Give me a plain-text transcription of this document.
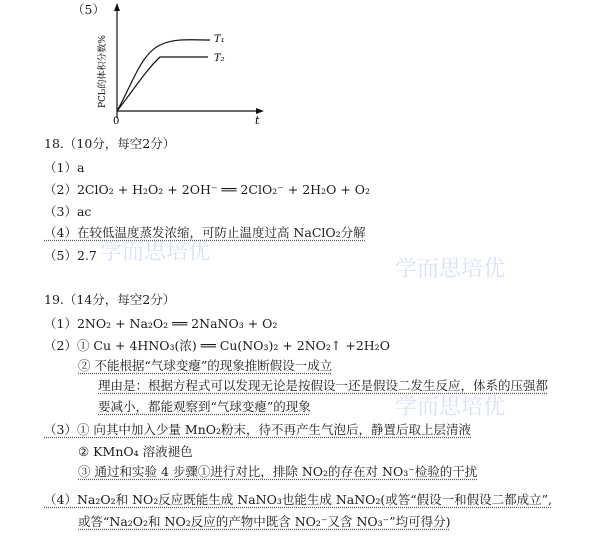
学而思培优
学而思培优
学而思培优
（5）
PCl₃的体积分数%
0	t
T₁
T₂
18.（10分，每空2分）
（1）a
（2）2ClO₂ + H₂O₂ + 2OH⁻ ══ 2ClO₂⁻ + 2H₂O + O₂
（3）ac
（4）在较低温度蒸发浓缩，可防止温度过高 NaClO₂分解
（5）2.7
19.（14分，每空2分）
（1）2NO₂ + Na₂O₂ ══ 2NaNO₃ + O₂
（2）① Cu + 4HNO₃(浓) ══ Cu(NO₃)₂ + 2NO₂↑ +2H₂O
② 不能根据“气球变瘪”的现象推断假设一成立
理由是：根据方程式可以发现无论是按假设一还是假设二发生反应，体系的压强都
要减小，都能观察到“气球变瘪”的现象
（3）① 向其中加入少量 MnO₂粉末，待不再产生气泡后，静置后取上层清液
② KMnO₄ 溶液褪色
③ 通过和实验 4 步骤①进行对比，排除 NO₂的存在对 NO₃⁻检验的干扰
（4）Na₂O₂和 NO₂反应既能生成 NaNO₃也能生成 NaNO₂(或答“假设一和假设二都成立”,
或答“Na₂O₂和 NO₂反应的产物中既含 NO₂⁻又含 NO₃⁻”均可得分)
